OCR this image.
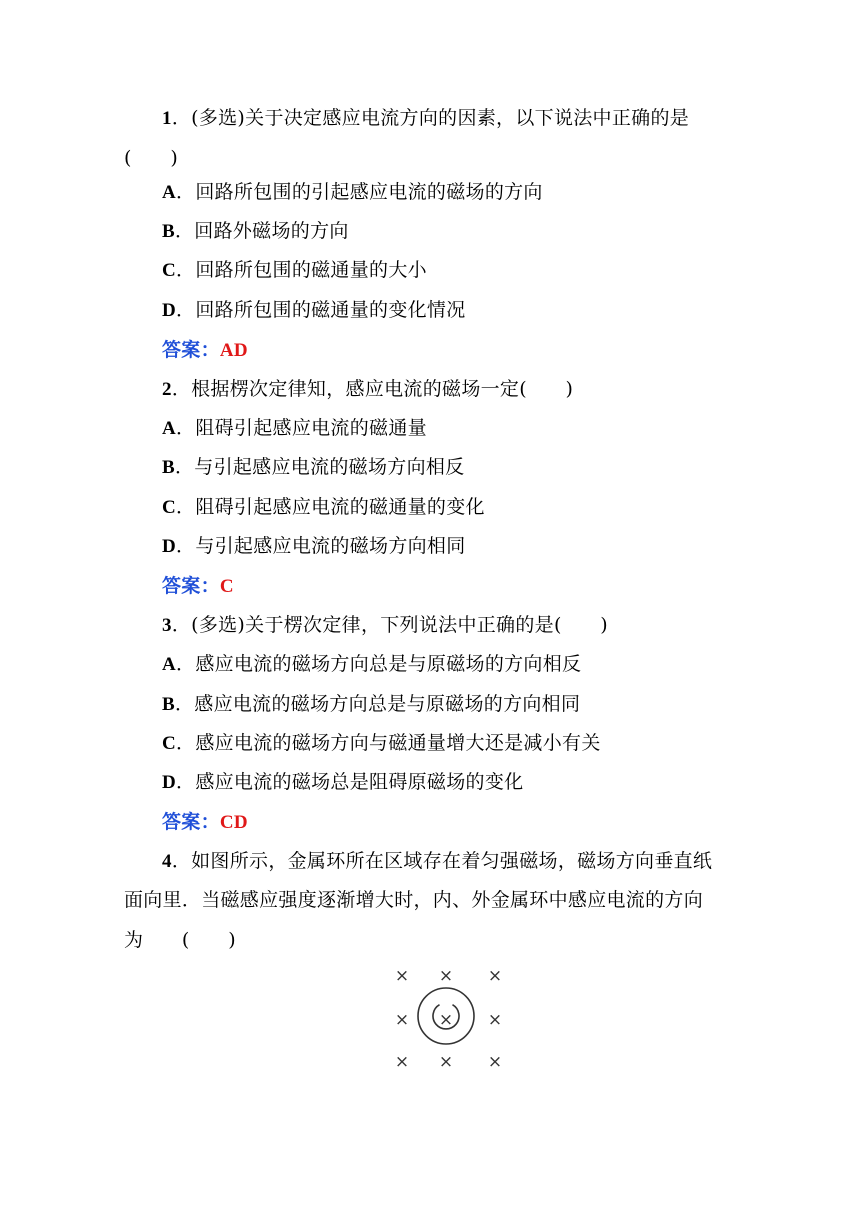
1．(多选)关于决定感应电流方向的因素，以下说法中正确的是
(　　)
A．回路所包围的引起感应电流的磁场的方向
B．回路外磁场的方向
C．回路所包围的磁通量的大小
D．回路所包围的磁通量的变化情况
答案：AD
2．根据楞次定律知，感应电流的磁场一定(　　)
A．阻碍引起感应电流的磁通量
B．与引起感应电流的磁场方向相反
C．阻碍引起感应电流的磁通量的变化
D．与引起感应电流的磁场方向相同
答案：C
3．(多选)关于楞次定律，下列说法中正确的是(　　)
A．感应电流的磁场方向总是与原磁场的方向相反
B．感应电流的磁场方向总是与原磁场的方向相同
C．感应电流的磁场方向与磁通量增大还是减小有关
D．感应电流的磁场总是阻碍原磁场的变化
答案：CD
4．如图所示，金属环所在区域存在着匀强磁场，磁场方向垂直纸
面向里．当磁感应强度逐渐增大时，内、外金属环中感应电流的方向
为　　(　　)
× × ×
× × ×
× × ×
